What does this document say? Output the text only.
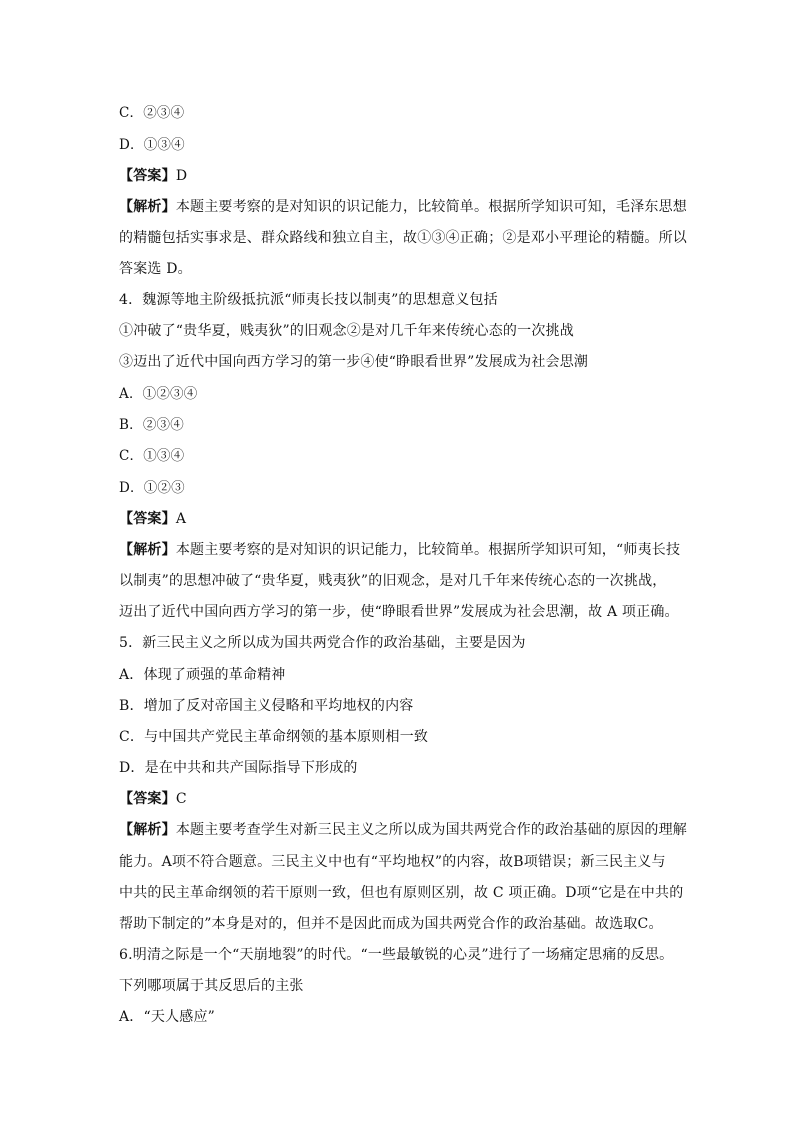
C．②③④
D．①③④
【答案】D
【解析】本题主要考察的是对知识的识记能力，比较简单。根据所学知识可知，毛泽东思想
的精髓包括实事求是、群众路线和独立自主，故①③④正确；②是邓小平理论的精髓。所以
答案选 D。
4．魏源等地主阶级抵抗派“师夷长技以制夷”的思想意义包括
①冲破了“贵华夏，贱夷狄”的旧观念②是对几千年来传统心态的一次挑战
③迈出了近代中国向西方学习的第一步④使“睁眼看世界”发展成为社会思潮
A．①②③④
B．②③④
C．①③④
D．①②③
【答案】A
【解析】本题主要考察的是对知识的识记能力，比较简单。根据所学知识可知，“师夷长技
以制夷”的思想冲破了“贵华夏，贱夷狄”的旧观念，是对几千年来传统心态的一次挑战，
迈出了近代中国向西方学习的第一步，使“睁眼看世界”发展成为社会思潮，故 A 项正确。
5．新三民主义之所以成为国共两党合作的政治基础，主要是因为
A．体现了顽强的革命精神
B．增加了反对帝国主义侵略和平均地权的内容
C．与中国共产党民主革命纲领的基本原则相一致
D．是在中共和共产国际指导下形成的
【答案】C
【解析】本题主要考查学生对新三民主义之所以成为国共两党合作的政治基础的原因的理解
能力。A项不符合题意。三民主义中也有“平均地权”的内容，故B项错误；新三民主义与
中共的民主革命纲领的若干原则一致，但也有原则区别，故 C 项正确。D项“它是在中共的
帮助下制定的”本身是对的，但并不是因此而成为国共两党合作的政治基础。故选取C。
6.明清之际是一个“天崩地裂”的时代。“一些最敏锐的心灵”进行了一场痛定思痛的反思。
下列哪项属于其反思后的主张
A．“天人感应”
